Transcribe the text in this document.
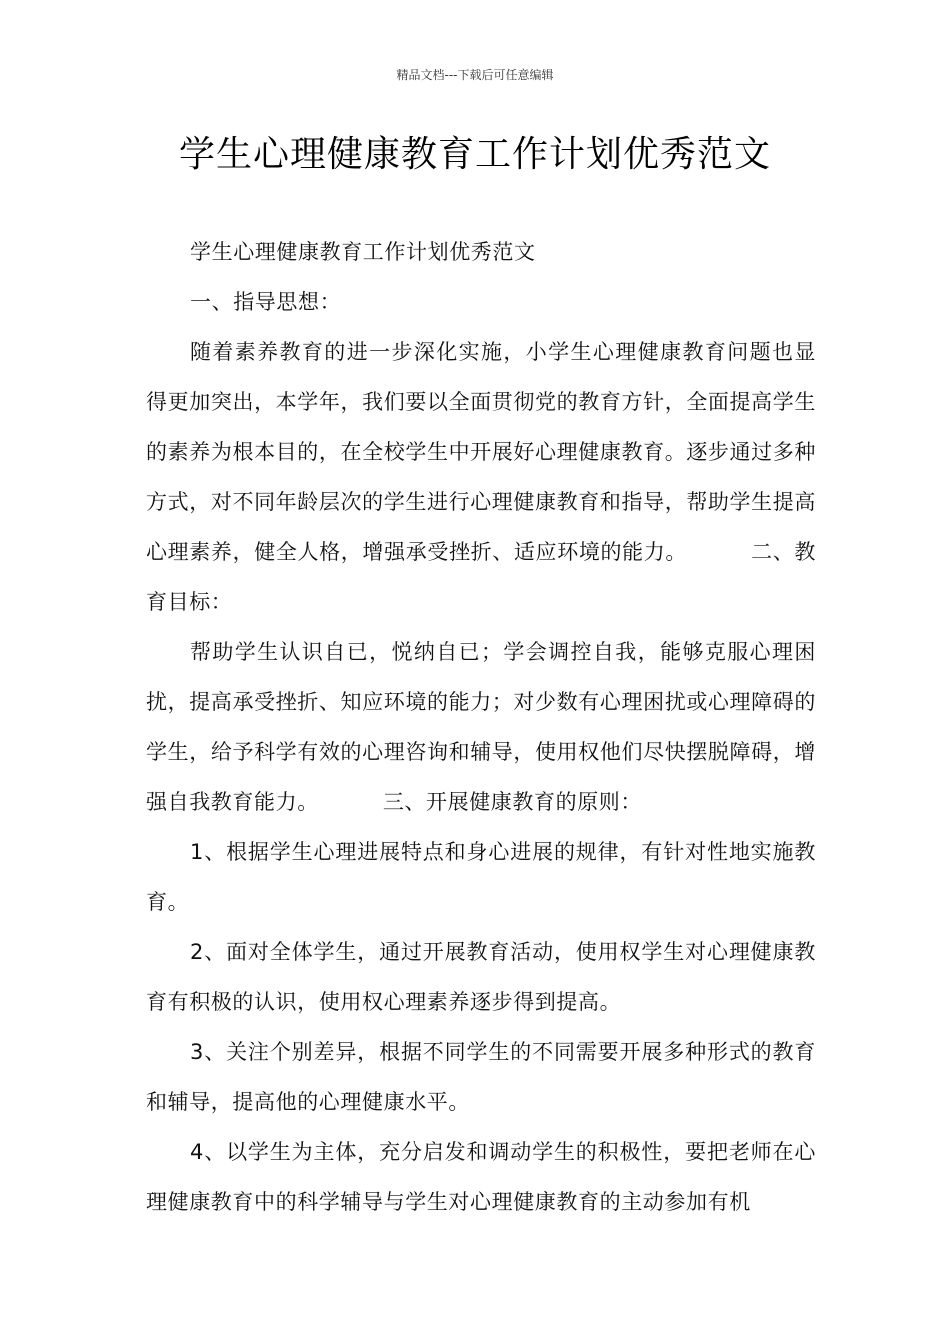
精品文档---下载后可任意编辑
学生心理健康教育工作计划优秀范文

学生心理健康教育工作计划优秀范文

一、指导思想：

随着素养教育的进一步深化实施，小学生心理健康教育问题也显得更加突出，本学年，我们要以全面贯彻党的教育方针，全面提高学生的素养为根本目的，在全校学生中开展好心理健康教育。逐步通过多种方式，对不同年龄层次的学生进行心理健康教育和指导，帮助学生提高心理素养，健全人格，增强承受挫折、适应环境的能力。	二、教育目标：

帮助学生认识自已，悦纳自已；学会调控自我，能够克服心理困扰，提高承受挫折、知应环境的能力；对少数有心理困扰或心理障碍的学生，给予科学有效的心理咨询和辅导，使用权他们尽快摆脱障碍，增强自我教育能力。	三、开展健康教育的原则：

1、根据学生心理进展特点和身心进展的规律，有针对性地实施教育。

2、面对全体学生，通过开展教育活动，使用权学生对心理健康教育有积极的认识，使用权心理素养逐步得到提高。

3、关注个别差异，根据不同学生的不同需要开展多种形式的教育和辅导，提高他的心理健康水平。

4、以学生为主体，充分启发和调动学生的积极性，要把老师在心理健康教育中的科学辅导与学生对心理健康教育的主动参加有机
